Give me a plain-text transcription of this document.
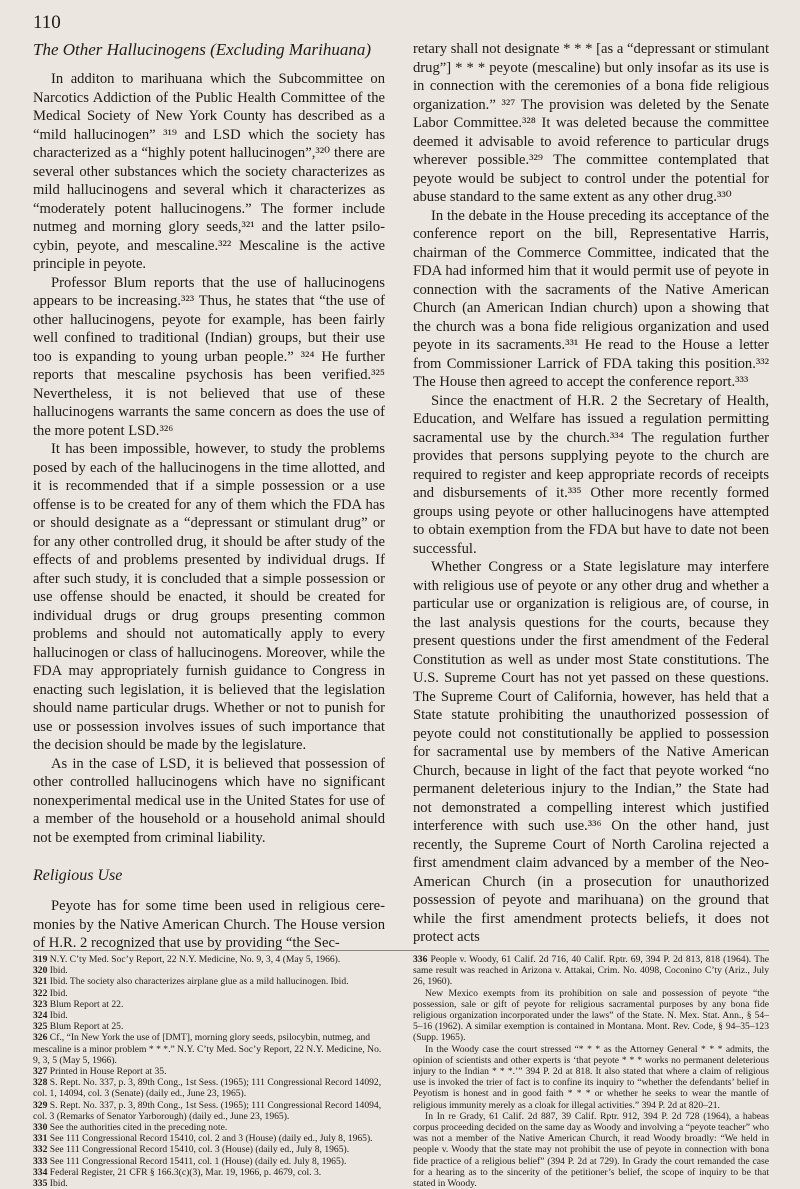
110
The Other Hallucinogens (Excluding Marihuana)

In additon to marihuana which the Subcommittee on Narcotics Addiction of the Public Health Committee of the Medical Society of New York County has described as a “mild hallucinogen” ³¹⁹ and LSD which the society has characterized as a “highly potent hallucinogen”,³²⁰ there are several other substances which the society characterizes as mild hallucinogens and several which it characterizes as “moderately potent hallucinogens.” The former include nutmeg and morning glory seeds,³²¹ and the latter psilocybin, peyote, and mescaline.³²² Mescaline is the active principle in peyote.

Professor Blum reports that the use of hallucinogens appears to be increasing.³²³ Thus, he states that “the use of other hallucinogens, peyote for example, has been fairly well confined to traditional (Indian) groups, but their use too is expanding to young urban people.” ³²⁴ He further reports that mescaline psychosis has been verified.³²⁵ Nevertheless, it is not believed that use of these hallucinogens warrants the same concern as does the use of the more potent LSD.³²⁶

It has been impossible, however, to study the problems posed by each of the hallucinogens in the time allotted, and it is recommended that if a simple possession or a use offense is to be created for any of them which the FDA has or should designate as a “depressant or stimulant drug” or for any other controlled drug, it should be after study of the effects of and problems presented by individual drugs. If after such study, it is concluded that a simple possession or use offense should be enacted, it should be created for individual drugs or drug groups presenting common problems and should not automatically apply to every hallucinogen or class of hallucinogens. Moreover, while the FDA may appropriately furnish guidance to Congress in enacting such legislation, it is believed that the legislation should name particular drugs. Whether or not to punish for use or possession involves issues of such importance that the decision should be made by the legislature.

As in the case of LSD, it is believed that possession of other controlled hallucinogens which have no significant nonexperimental medical use in the United States for use of a member of the household or a household animal should not be exempted from criminal liability.

Religious Use

Peyote has for some time been used in religious ceremonies by the Native American Church. The House version of H.R. 2 recognized that use by providing “the Sec-

retary shall not designate * * * [as a “depressant or stimulant drug”] * * * peyote (mescaline) but only insofar as its use is in connection with the ceremonies of a bona fide religious organization.” ³²⁷ The provision was deleted by the Senate Labor Committee.³²⁸ It was deleted because the committee deemed it advisable to avoid reference to particular drugs wherever possible.³²⁹ The committee contemplated that peyote would be subject to control under the potential for abuse standard to the same extent as any other drug.³³⁰

In the debate in the House preceding its acceptance of the conference report on the bill, Representative Harris, chairman of the Commerce Committee, indicated that the FDA had informed him that it would permit use of peyote in connection with the sacraments of the Native American Church (an American Indian church) upon a showing that the church was a bona fide religious organization and used peyote in its sacraments.³³¹ He read to the House a letter from Commissioner Larrick of FDA taking this position.³³² The House then agreed to accept the conference report.³³³

Since the enactment of H.R. 2 the Secretary of Health, Education, and Welfare has issued a regulation permitting sacramental use by the church.³³⁴ The regulation further provides that persons supplying peyote to the church are required to register and keep appropriate records of receipts and disbursements of it.³³⁵ Other more recently formed groups using peyote or other hallucinogens have attempted to obtain exemption from the FDA but have to date not been successful.

Whether Congress or a State legislature may interfere with religious use of peyote or any other drug and whether a particular use or organization is religious are, of course, in the last analysis questions for the courts, because they present questions under the first amendment of the Federal Constitution as well as under most State constitutions. The U.S. Supreme Court has not yet passed on these questions. The Supreme Court of California, however, has held that a State statute prohibiting the unauthorized possession of peyote could not constitutionally be applied to possession for sacramental use by members of the Native American Church, because in light of the fact that peyote worked “no permanent deleterious injury to the Indian,” the State had not demonstrated a compelling interest which justified interference with such use.³³⁶ On the other hand, just recently, the Supreme Court of North Carolina rejected a first amendment claim advanced by a member of the Neo-American Church (in a prosecution for unauthorized possession of peyote and marihuana) on the ground that while the first amendment protects beliefs, it does not protect acts

319 N.Y. C’ty Med. Soc’y Report, 22 N.Y. Medicine, No. 9, 3, 4 (May 5, 1966).
320 Ibid.
321 Ibid. The society also characterizes airplane glue as a mild hallucinogen. Ibid.
322 Ibid.
323 Blum Report at 22.
324 Ibid.
325 Blum Report at 25.
326 Cf., “In New York the use of [DMT], morning glory seeds, psilocybin, nutmeg, and mescaline is a minor problem * * *.” N.Y. C’ty Med. Soc’y Report, 22 N.Y. Medicine, No. 9, 3, 5 (May 5, 1966).
327 Printed in House Report at 35.
328 S. Rept. No. 337, p. 3, 89th Cong., 1st Sess. (1965); 111 Congressional Record 14092, col. 1, 14094, col. 3 (Senate) (daily ed., June 23, 1965).
329 S. Rept. No. 337, p. 3, 89th Cong., 1st Sess. (1965); 111 Congressional Record 14094, col. 3 (Remarks of Senator Yarborough) (daily ed., June 23, 1965).
330 See the authorities cited in the preceding note.
331 See 111 Congressional Record 15410, col. 2 and 3 (House) (daily ed., July 8, 1965).
332 See 111 Congressional Record 15410, col. 3 (House) (daily ed., July 8, 1965).
333 See 111 Congressional Record 15411, col. 1 (House) (daily ed. July 8, 1965).
334 Federal Register, 21 CFR § 166.3(c)(3), Mar. 19, 1966, p. 4679, col. 3.
335 Ibid.

336 People v. Woody, 61 Calif. 2d 716, 40 Calif. Rptr. 69, 394 P. 2d 813, 818 (1964). The same result was reached in Arizona v. Attakai, Crim. No. 4098, Coconino C’ty (Ariz., July 26, 1960).

New Mexico exempts from its prohibition on sale and possession of peyote “the possession, sale or gift of peyote for religious sacramental purposes by any bona fide religious organization incorporated under the laws” of the State. N. Mex. Stat. Ann., § 54–5–16 (1962). A similar exemption is contained in Montana. Mont. Rev. Code, § 94–35–123 (Supp. 1965).

In the Woody case the court stressed “* * * as the Attorney General * * * admits, the opinion of scientists and other experts is ‘that peyote * * * works no permanent deleterious injury to the Indian * * *.’” 394 P. 2d at 818. It also stated that where a claim of religious use is invoked the trier of fact is to confine its inquiry to “whether the defendants’ belief in Peyotism is honest and in good faith * * * or whether he seeks to wear the mantle of religious immunity merely as a cloak for illegal activities.” 394 P. 2d at 820–21.

In In re Grady, 61 Calif. 2d 887, 39 Calif. Rptr. 912, 394 P. 2d 728 (1964), a habeas corpus proceeding decided on the same day as Woody and involving a “peyote teacher” who was not a member of the Native American Church, it read Woody broadly: “We held in people v. Woody that the state may not prohibit the use of peyote in connection with bona fide practice of a religious belief” (394 P. 2d at 729). In Grady the court remanded the case for a hearing as to the sincerity of the petitioner’s belief, the scope of inquiry to be that stated in Woody.
